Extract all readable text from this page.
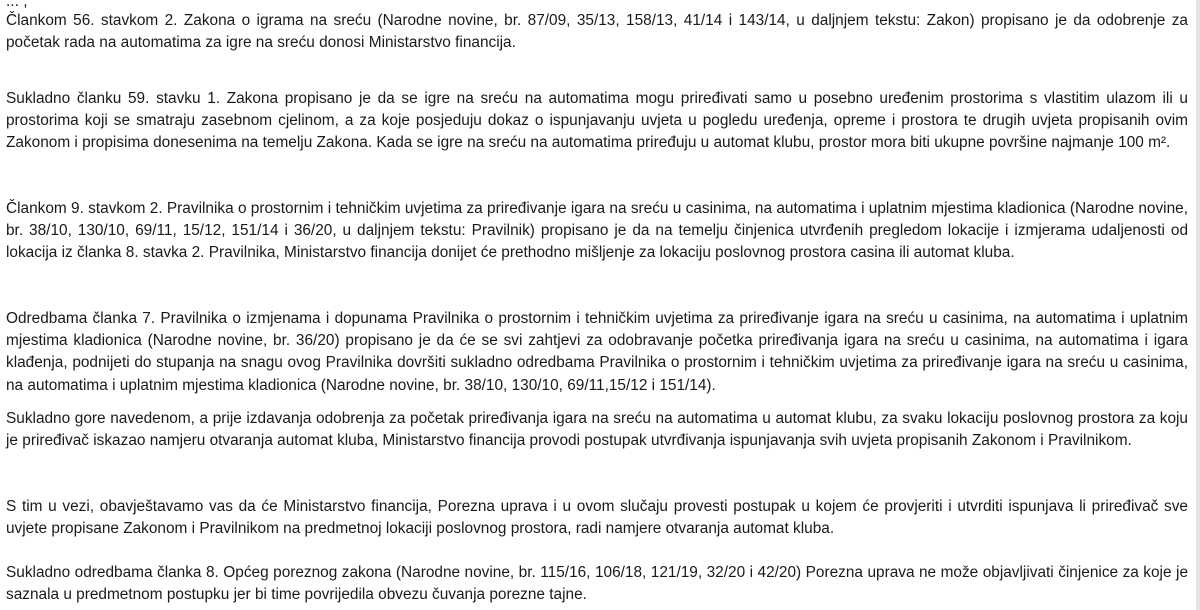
... ,

Člankom 56. stavkom 2. Zakona o igrama na sreću (Narodne novine, br. 87/09, 35/13, 158/13, 41/14 i 143/14, u daljnjem tekstu: Zakon) propisano je da odobrenje za početak rada na automatima za igre na sreću donosi Ministarstvo financija.

Sukladno članku 59. stavku 1. Zakona propisano je da se igre na sreću na automatima mogu priređivati samo u posebno uređenim prostorima s vlastitim ulazom ili u prostorima koji se smatraju zasebnom cjelinom, a za koje posjeduju dokaz o ispunjavanju uvjeta u pogledu uređenja, opreme i prostora te drugih uvjeta propisanih ovim Zakonom i propisima donesenima na temelju Zakona. Kada se igre na sreću na automatima priređuju u automat klubu, prostor mora biti ukupne površine najmanje 100 m².

Člankom 9. stavkom 2. Pravilnika o prostornim i tehničkim uvjetima za priređivanje igara na sreću u casinima, na automatima i uplatnim mjestima kladionica (Narodne novine, br. 38/10, 130/10, 69/11, 15/12, 151/14 i 36/20, u daljnjem tekstu: Pravilnik) propisano je da na temelju činjenica utvrđenih pregledom lokacije i izmjerama udaljenosti od lokacija iz članka 8. stavka 2. Pravilnika, Ministarstvo financija donijet će prethodno mišljenje za lokaciju poslovnog prostora casina ili automat kluba.

Odredbama članka 7. Pravilnika o izmjenama i dopunama Pravilnika o prostornim i tehničkim uvjetima za priređivanje igara na sreću u casinima, na automatima i uplatnim mjestima kladionica (Narodne novine, br. 36/20) propisano je da će se svi zahtjevi za odobravanje početka priređivanja igara na sreću u casinima, na automatima i igara klađenja, podnijeti do stupanja na snagu ovog Pravilnika dovršiti sukladno odredbama Pravilnika o prostornim i tehničkim uvjetima za priređivanje igara na sreću u casinima, na automatima i uplatnim mjestima kladionica (Narodne novine, br. 38/10, 130/10, 69/11,15/12 i 151/14).

Sukladno gore navedenom, a prije izdavanja odobrenja za početak priređivanja igara na sreću na automatima u automat klubu, za svaku lokaciju poslovnog prostora za koju je priređivač iskazao namjeru otvaranja automat kluba, Ministarstvo financija provodi postupak utvrđivanja ispunjavanja svih uvjeta propisanih Zakonom i Pravilnikom.

S tim u vezi, obavještavamo vas da će Ministarstvo financija, Porezna uprava i u ovom slučaju provesti postupak u kojem će provjeriti i utvrditi ispunjava li priređivač sve uvjete propisane Zakonom i Pravilnikom na predmetnoj lokaciji poslovnog prostora, radi namjere otvaranja automat kluba.

Sukladno odredbama članka 8. Općeg poreznog zakona (Narodne novine, br. 115/16, 106/18, 121/19, 32/20 i 42/20) Porezna uprava ne može objavljivati činjenice za koje je saznala u predmetnom postupku jer bi time povrijedila obvezu čuvanja porezne tajne.
